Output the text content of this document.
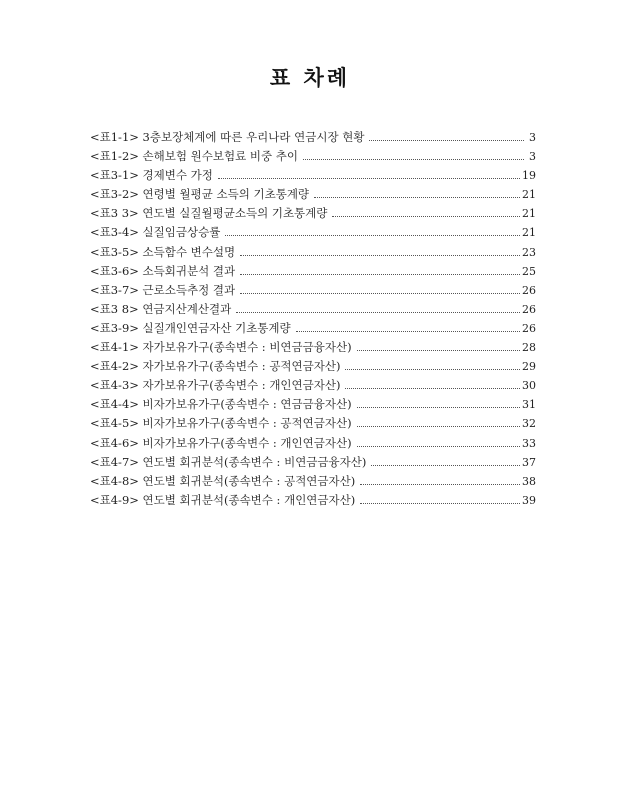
표 차례
<표1-1> 3층보장체계에 따른 우리나라 연금시장 현황	3
<표1-2> 손해보험 원수보험료 비중 추이	3
<표3-1> 경제변수 가정	19
<표3-2> 연령별 월평균 소득의 기초통계량	21
<표3 3> 연도별 실질월평균소득의 기초통계량	21
<표3-4> 실질임금상승률	21
<표3-5> 소득함수 변수설명	23
<표3-6> 소득회귀분석 결과	25
<표3-7> 근로소득추정 결과	26
<표3 8> 연금지산계산결과	26
<표3-9> 실질개인연금자산 기초통계량	26
<표4-1> 자가보유가구(종속변수 : 비연금금융자산)	28
<표4-2> 자가보유가구(종속변수 : 공적연금자산)	29
<표4-3> 자가보유가구(종속변수 : 개인연금자산)	30
<표4-4> 비자가보유가구(종속변수 : 연금금융자산)	31
<표4-5> 비자가보유가구(종속변수 : 공적연금자산)	32
<표4-6> 비자가보유가구(종속변수 : 개인연금자산)	33
<표4-7> 연도별 회귀분석(종속변수 : 비연금금융자산)	37
<표4-8> 연도별 회귀분석(종속변수 : 공적연금자산)	38
<표4-9> 연도별 회귀분석(종속변수 : 개인연금자산)	39
